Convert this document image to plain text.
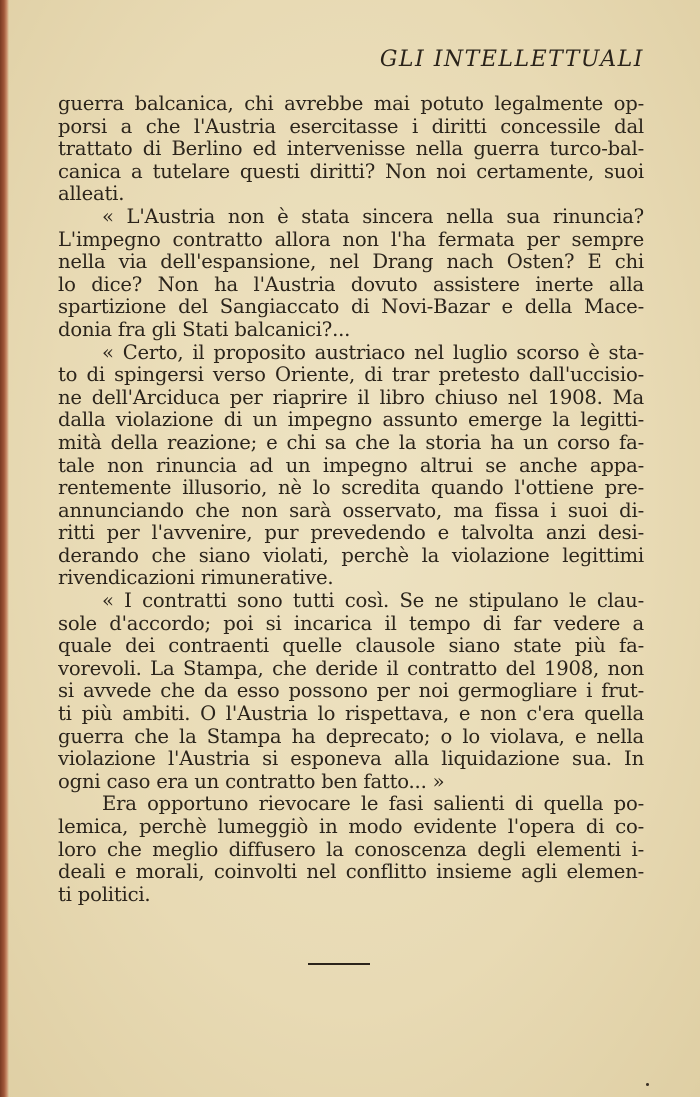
GLI INTELLETTUALI
guerra balcanica, chi avrebbe mai potuto legalmente op-
porsi a che l'Austria esercitasse i diritti concessile dal
trattato di Berlino ed intervenisse nella guerra turco-bal-
canica a tutelare questi diritti? Non noi certamente, suoi
alleati.
« L'Austria non è stata sincera nella sua rinuncia?
L'impegno contratto allora non l'ha fermata per sempre
nella via dell'espansione, nel Drang nach Osten? E chi
lo dice? Non ha l'Austria dovuto assistere inerte alla
spartizione del Sangiaccato di Novi-Bazar e della Mace-
donia fra gli Stati balcanici?...
« Certo, il proposito austriaco nel luglio scorso è sta-
to di spingersi verso Oriente, di trar pretesto dall'uccisio-
ne dell'Arciduca per riaprire il libro chiuso nel 1908. Ma
dalla violazione di un impegno assunto emerge la legitti-
mità della reazione; e chi sa che la storia ha un corso fa-
tale non rinuncia ad un impegno altrui se anche appa-
rentemente illusorio, nè lo scredita quando l'ottiene pre-
annunciando che non sarà osservato, ma fissa i suoi di-
ritti per l'avvenire, pur prevedendo e talvolta anzi desi-
derando che siano violati, perchè la violazione legittimi
rivendicazioni rimunerative.
« I contratti sono tutti così. Se ne stipulano le clau-
sole d'accordo; poi si incarica il tempo di far vedere a
quale dei contraenti quelle clausole siano state più fa-
vorevoli. La Stampa, che deride il contratto del 1908, non
si avvede che da esso possono per noi germogliare i frut-
ti più ambiti. O l'Austria lo rispettava, e non c'era quella
guerra che la Stampa ha deprecato; o lo violava, e nella
violazione l'Austria si esponeva alla liquidazione sua. In
ogni caso era un contratto ben fatto... »
Era opportuno rievocare le fasi salienti di quella po-
lemica, perchè lumeggiò in modo evidente l'opera di co-
loro che meglio diffusero la conoscenza degli elementi i-
deali e morali, coinvolti nel conflitto insieme agli elemen-
ti politici.
